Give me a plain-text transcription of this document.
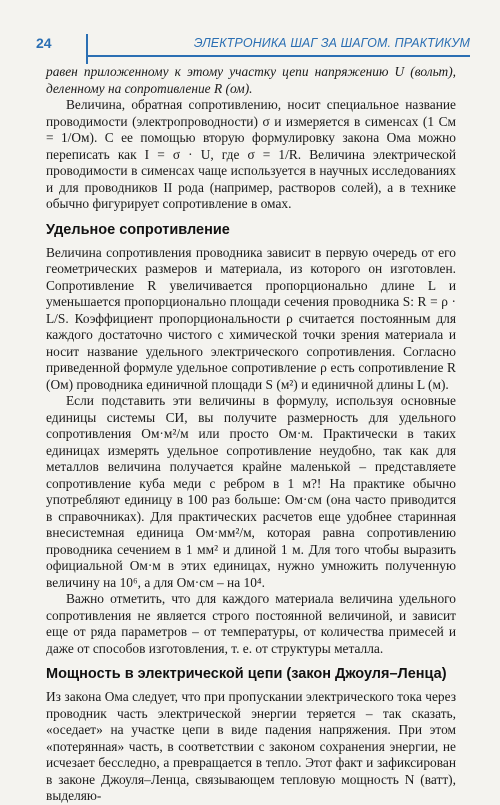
24	ЭЛЕКТРОНИКА ШАГ ЗА ШАГОМ. ПРАКТИКУМ

равен приложенному к этому участку цепи напряжению U (вольт), деленному на сопротивление R (ом).

Величина, обратная сопротивлению, носит специальное название проводимости (электропроводности) σ и измеряется в сименсах (1 См = 1/Ом). С ее помощью вторую формулировку закона Ома можно переписать как I = σ · U, где σ = 1/R. Величина электрической проводимости в сименсах чаще используется в научных исследованиях и для проводников II рода (например, растворов солей), а в технике обычно фигурирует сопротивление в омах.

Удельное сопротивление

Величина сопротивления проводника зависит в первую очередь от его геометрических размеров и материала, из которого он изготовлен. Сопротивление R увеличивается пропорционально длине L и уменьшается пропорционально площади сечения проводника S: R = ρ · L/S. Коэффициент пропорциональности ρ считается постоянным для каждого достаточно чистого с химической точки зрения материала и носит название удельного электрического сопротивления. Согласно приведенной формуле удельное сопротивление ρ есть сопротивление R (Ом) проводника единичной площади S (м²) и единичной длины L (м).

Если подставить эти величины в формулу, используя основные единицы системы СИ, вы получите размерность для удельного сопротивления Ом·м²/м или просто Ом·м. Практически в таких единицах измерять удельное сопротивление неудобно, так как для металлов величина получается крайне маленькой – представляете сопротивление куба меди с ребром в 1 м?! На практике обычно употребляют единицу в 100 раз больше: Ом·см (она часто приводится в справочниках). Для практических расчетов еще удобнее старинная внесистемная единица Ом·мм²/м, которая равна сопротивлению проводника сечением в 1 мм² и длиной 1 м. Для того чтобы выразить официальной Ом·м в этих единицах, нужно умножить полученную величину на 10⁶, а для Ом·см – на 10⁴.

Важно отметить, что для каждого материала величина удельного сопротивления не является строго постоянной величиной, и зависит еще от ряда параметров – от температуры, от количества примесей и даже от способов изготовления, т. е. от структуры металла.

Мощность в электрической цепи (закон Джоуля–Ленца)

Из закона Ома следует, что при пропускании электрического тока через проводник часть электрической энергии теряется – так сказать, «оседает» на участке цепи в виде падения напряжения. При этом «потерянная» часть, в соответствии с законом сохранения энергии, не исчезает бесследно, а превращается в тепло. Этот факт и зафиксирован в законе Джоуля–Ленца, связывающем тепловую мощность N (ватт), выделяю-
